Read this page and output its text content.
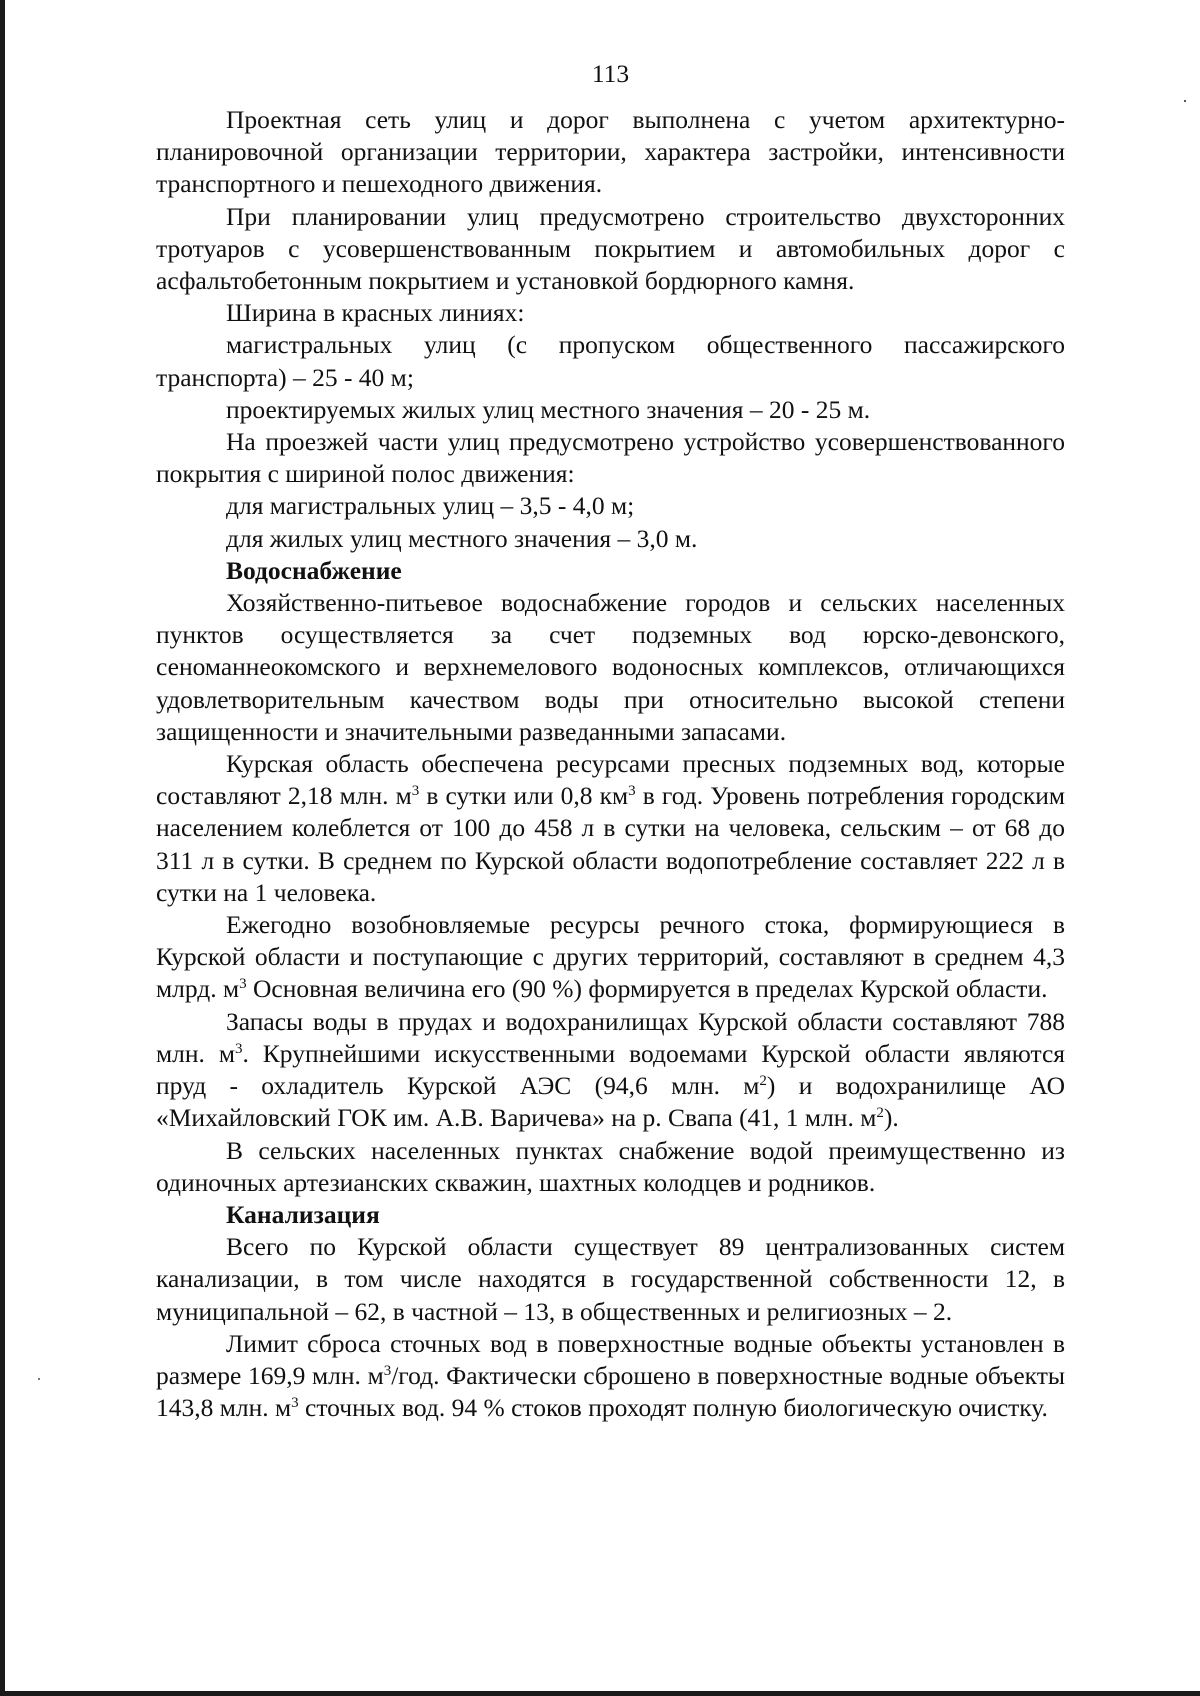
113

Проектная сеть улиц и дорог выполнена с учетом архитектурно-планировочной организации территории, характера застройки, интенсивности транспортного и пешеходного движения.

При планировании улиц предусмотрено строительство двухсторонних тротуаров с усовершенствованным покрытием и автомобильных дорог с асфальтобетонным покрытием и установкой бордюрного камня.

Ширина в красных линиях:

магистральных улиц (с пропуском общественного пассажирского транспорта) – 25 - 40 м;

проектируемых жилых улиц местного значения – 20 - 25 м.

На проезжей части улиц предусмотрено устройство усовершенствованного покрытия с шириной полос движения:

для магистральных улиц – 3,5 - 4,0 м;

для жилых улиц местного значения – 3,0 м.

Водоснабжение

Хозяйственно-питьевое водоснабжение городов и сельских населенных пунктов осуществляется за счет подземных вод юрско-девонского, сеноманнеокомского и верхнемелового водоносных комплексов, отличающихся удовлетворительным качеством воды при относительно высокой степени защищенности и значительными разведанными запасами.

Курская область обеспечена ресурсами пресных подземных вод, которые составляют 2,18 млн. $м^3$ в сутки или 0,8 $км^3$ в год. Уровень потребления городским населением колеблется от 100 до 458 л в сутки на человека, сельским – от 68 до 311 л в сутки. В среднем по Курской области водопотребление составляет 222 л в сутки на 1 человека.

Ежегодно возобновляемые ресурсы речного стока, формирующиеся в Курской области и поступающие с других территорий, составляют в среднем 4,3 млрд. $м^3$ Основная величина его (90 %) формируется в пределах Курской области.

Запасы воды в прудах и водохранилищах Курской области составляют 788 млн. $м^3$. Крупнейшими искусственными водоемами Курской области являются пруд - охладитель Курской АЭС (94,6 млн. $м^2$) и водохранилище АО «Михайловский ГОК им. А.В. Варичева» на р. Свапа (41, 1 млн. $м^2$).

В сельских населенных пунктах снабжение водой преимущественно из одиночных артезианских скважин, шахтных колодцев и родников.

Канализация

Всего по Курской области существует 89 централизованных систем канализации, в том числе находятся в государственной собственности 12, в муниципальной – 62, в частной – 13, в общественных и религиозных – 2.

Лимит сброса сточных вод в поверхностные водные объекты установлен в размере 169,9 млн. $м^3$/год. Фактически сброшено в поверхностные водные объекты 143,8 млн. $м^3$ сточных вод. 94 % стоков проходят полную биологическую очистку.
